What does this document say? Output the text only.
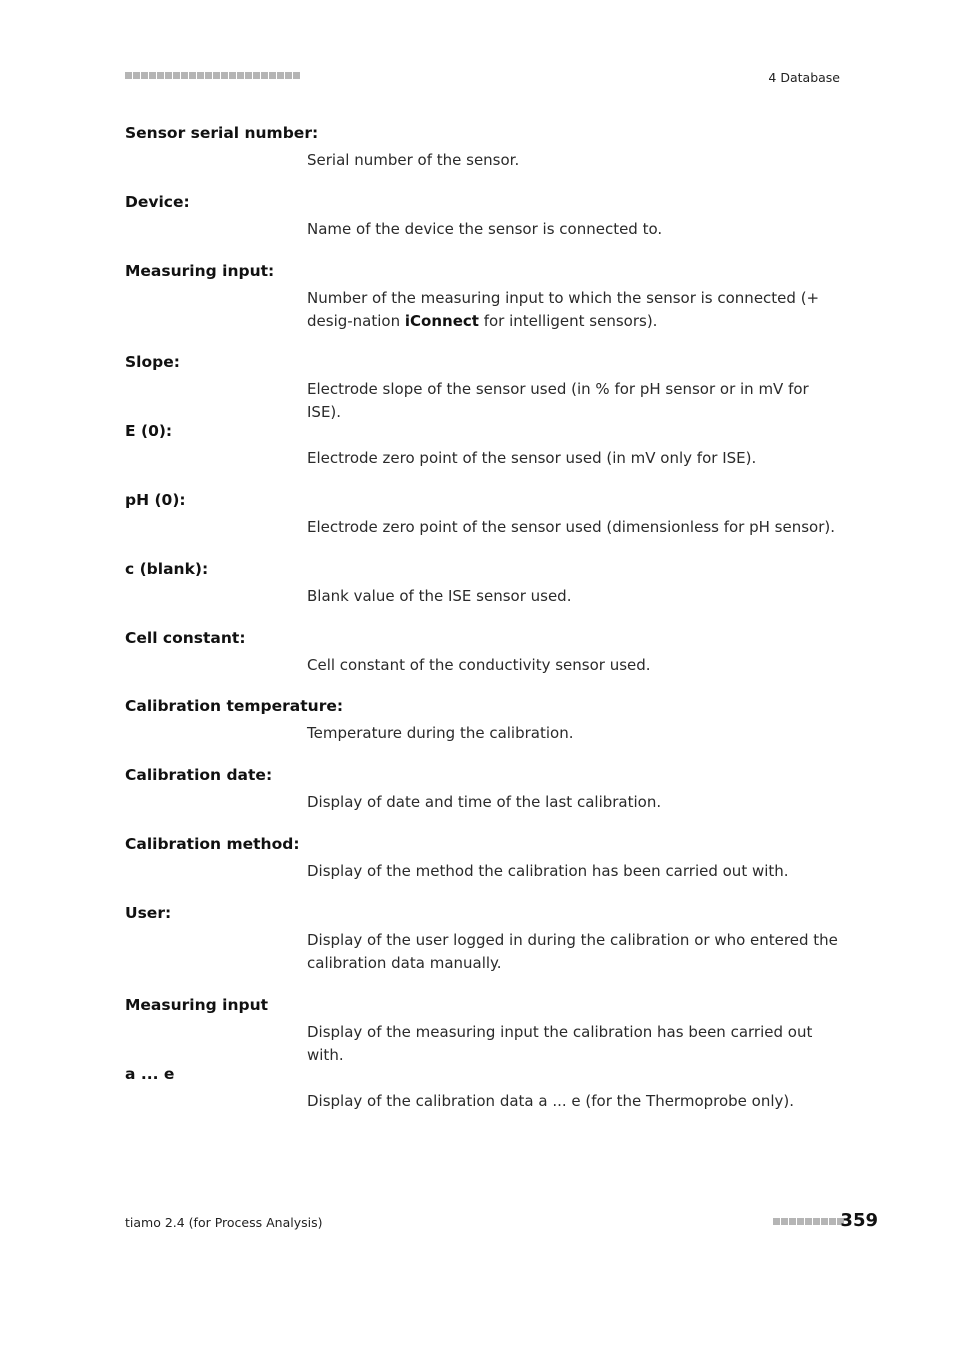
4 Database
Sensor serial number:
Serial number of the sensor.
Device:
Name of the device the sensor is connected to.
Measuring input:
Number of the measuring input to which the sensor is connected (+ desig-nation iConnect for intelligent sensors).
Slope:
Electrode slope of the sensor used (in % for pH sensor or in mV for ISE).
E (0):
Electrode zero point of the sensor used (in mV only for ISE).
pH (0):
Electrode zero point of the sensor used (dimensionless for pH sensor).
c (blank):
Blank value of the ISE sensor used.
Cell constant:
Cell constant of the conductivity sensor used.
Calibration temperature:
Temperature during the calibration.
Calibration date:
Display of date and time of the last calibration.
Calibration method:
Display of the method the calibration has been carried out with.
User:
Display of the user logged in during the calibration or who entered the calibration data manually.
Measuring input
Display of the measuring input the calibration has been carried out with.
a ... e
Display of the calibration data a ... e (for the Thermoprobe only).
tiamo 2.4 (for Process Analysis)	359
